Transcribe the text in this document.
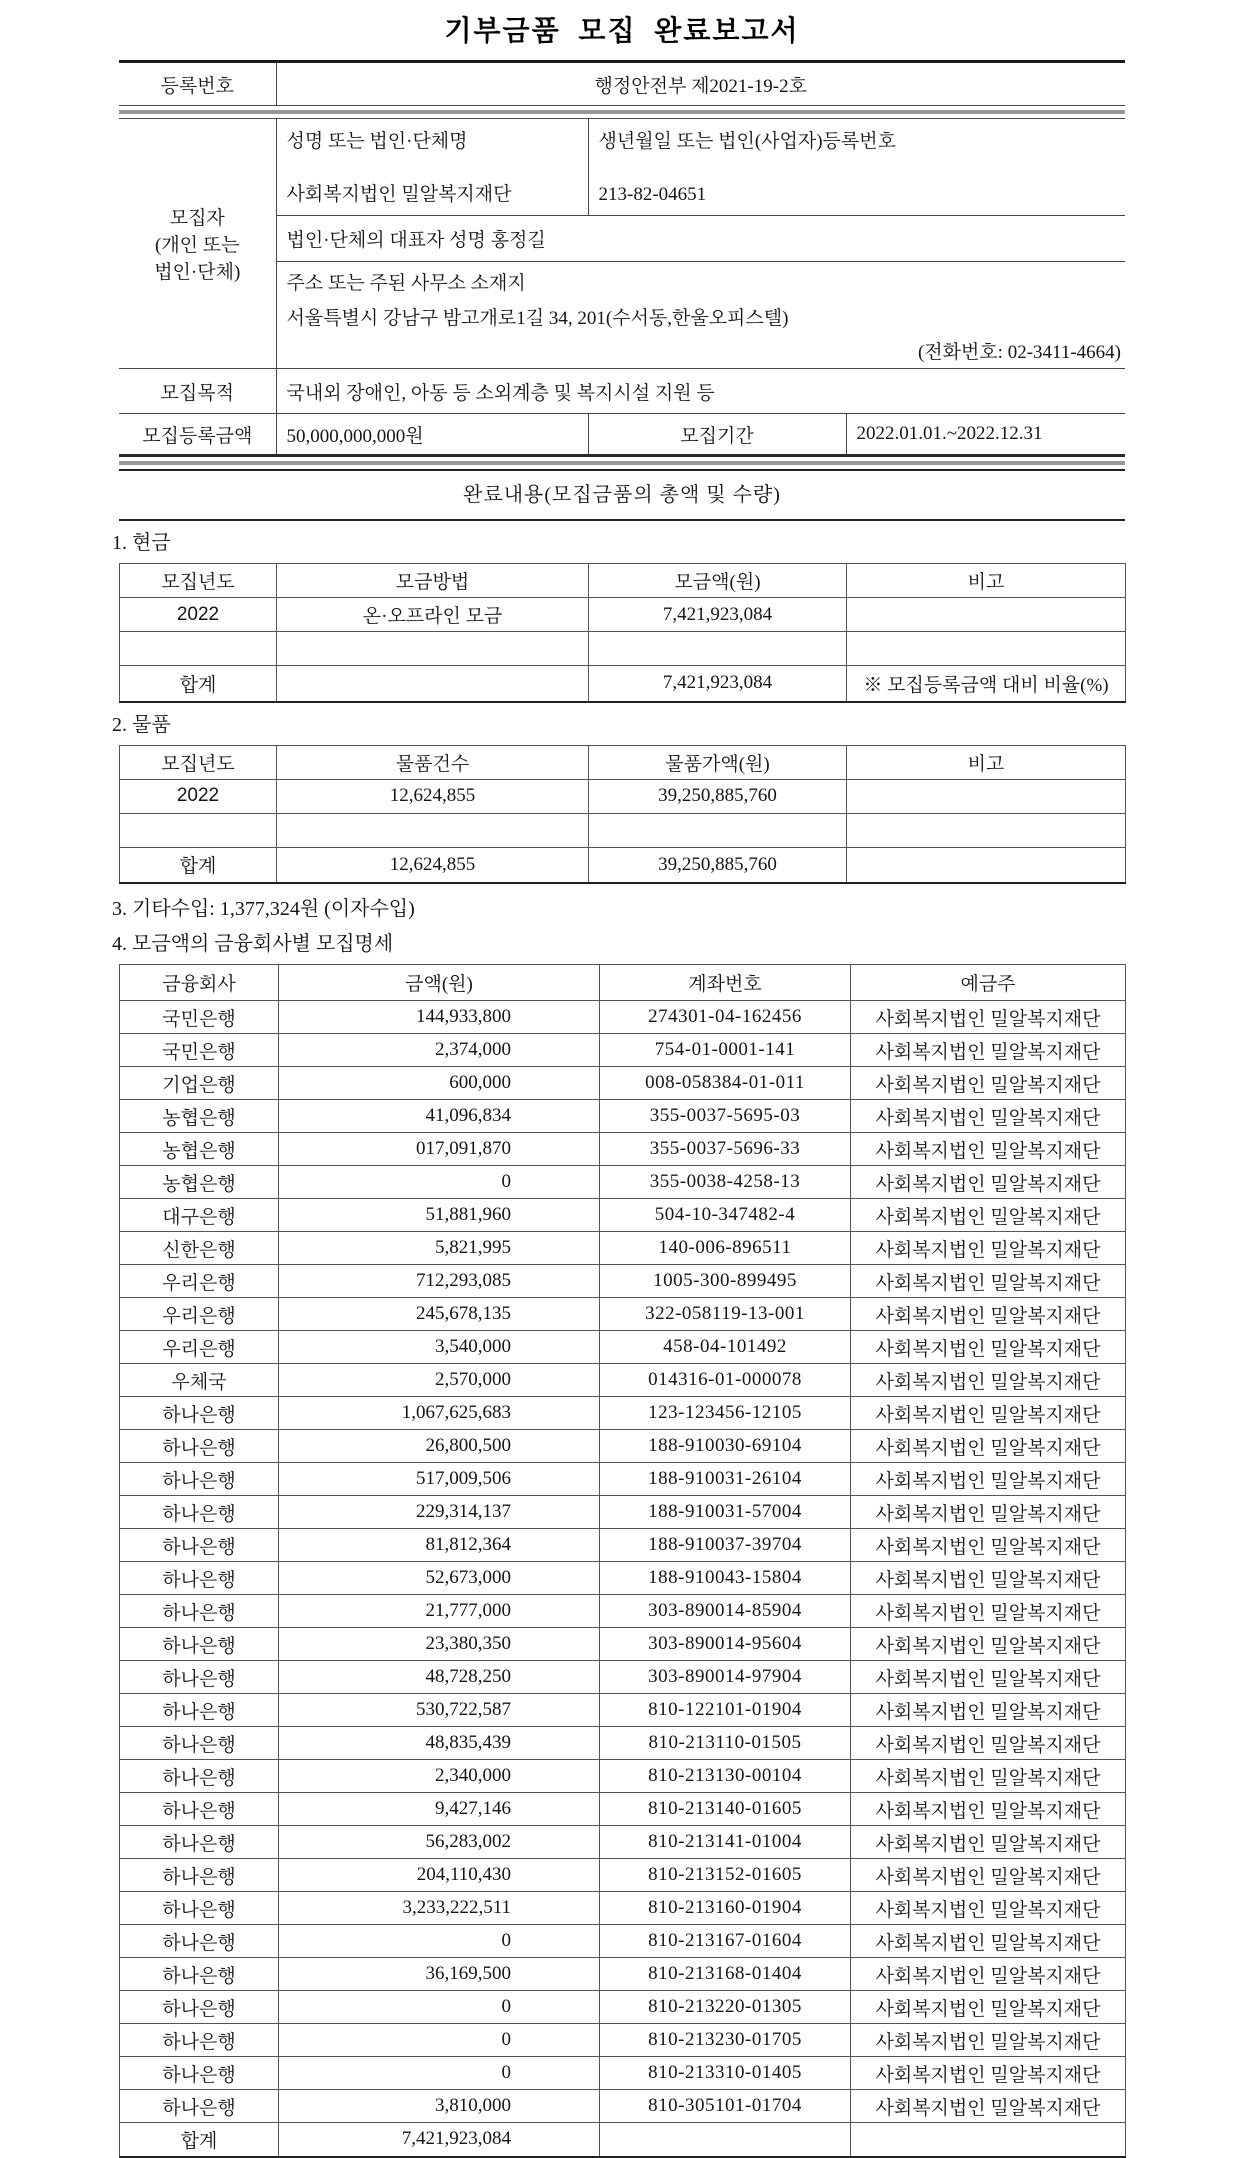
기부금품 모집 완료보고서
등록번호	행정안전부 제2021-19-2호
모집자
(개인 또는
법인·단체)

성명 또는 법인·단체명
사회복지법인 밀알복지재단

생년월일 또는 법인(사업자)등록번호
213-82-04651

	법인·단체의 대표자 성명 홍정길		

	주소 또는 주된 사무소 소재지
서울특별시 강남구 밤고개로1길 34, 201(수서동,한울오피스텔)
(전화번호: 02-3411-4664)		

모집목적	국내외 장애인, 아동 등 소외계층 및 복지시설 지원 등		
모집등록금액	50,000,000,000원	모집기간	2022.01.01.~2022.12.31
완료내용(모집금품의 총액 및 수량)
1. 현금
모집년도	모금방법	모금액(원)	비고
2022	온·오프라인 모금	7,421,923,084	

합계		7,421,923,084	※ 모집등록금액 대비 비율(%)
2. 물품
모집년도	물품건수	물품가액(원)	비고
2022	12,624,855	39,250,885,760	

합계	12,624,855	39,250,885,760	
3. 기타수입: 1,377,324원 (이자수입)
4. 모금액의 금융회사별 모집명세
금융회사	금액(원)	계좌번호	예금주
국민은행	144,933,800	274301-04-162456	사회복지법인 밀알복지재단
국민은행	2,374,000	754-01-0001-141	사회복지법인 밀알복지재단
기업은행	600,000	008-058384-01-011	사회복지법인 밀알복지재단
농협은행	41,096,834	355-0037-5695-03	사회복지법인 밀알복지재단
농협은행	017,091,870	355-0037-5696-33	사회복지법인 밀알복지재단
농협은행	0	355-0038-4258-13	사회복지법인 밀알복지재단
대구은행	51,881,960	504-10-347482-4	사회복지법인 밀알복지재단
신한은행	5,821,995	140-006-896511	사회복지법인 밀알복지재단
우리은행	712,293,085	1005-300-899495	사회복지법인 밀알복지재단
우리은행	245,678,135	322-058119-13-001	사회복지법인 밀알복지재단
우리은행	3,540,000	458-04-101492	사회복지법인 밀알복지재단
우체국	2,570,000	014316-01-000078	사회복지법인 밀알복지재단
하나은행	1,067,625,683	123-123456-12105	사회복지법인 밀알복지재단
하나은행	26,800,500	188-910030-69104	사회복지법인 밀알복지재단
하나은행	517,009,506	188-910031-26104	사회복지법인 밀알복지재단
하나은행	229,314,137	188-910031-57004	사회복지법인 밀알복지재단
하나은행	81,812,364	188-910037-39704	사회복지법인 밀알복지재단
하나은행	52,673,000	188-910043-15804	사회복지법인 밀알복지재단
하나은행	21,777,000	303-890014-85904	사회복지법인 밀알복지재단
하나은행	23,380,350	303-890014-95604	사회복지법인 밀알복지재단
하나은행	48,728,250	303-890014-97904	사회복지법인 밀알복지재단
하나은행	530,722,587	810-122101-01904	사회복지법인 밀알복지재단
하나은행	48,835,439	810-213110-01505	사회복지법인 밀알복지재단
하나은행	2,340,000	810-213130-00104	사회복지법인 밀알복지재단
하나은행	9,427,146	810-213140-01605	사회복지법인 밀알복지재단
하나은행	56,283,002	810-213141-01004	사회복지법인 밀알복지재단
하나은행	204,110,430	810-213152-01605	사회복지법인 밀알복지재단
하나은행	3,233,222,511	810-213160-01904	사회복지법인 밀알복지재단
하나은행	0	810-213167-01604	사회복지법인 밀알복지재단
하나은행	36,169,500	810-213168-01404	사회복지법인 밀알복지재단
하나은행	0	810-213220-01305	사회복지법인 밀알복지재단
하나은행	0	810-213230-01705	사회복지법인 밀알복지재단
하나은행	0	810-213310-01405	사회복지법인 밀알복지재단
하나은행	3,810,000	810-305101-01704	사회복지법인 밀알복지재단
합계	7,421,923,084		
